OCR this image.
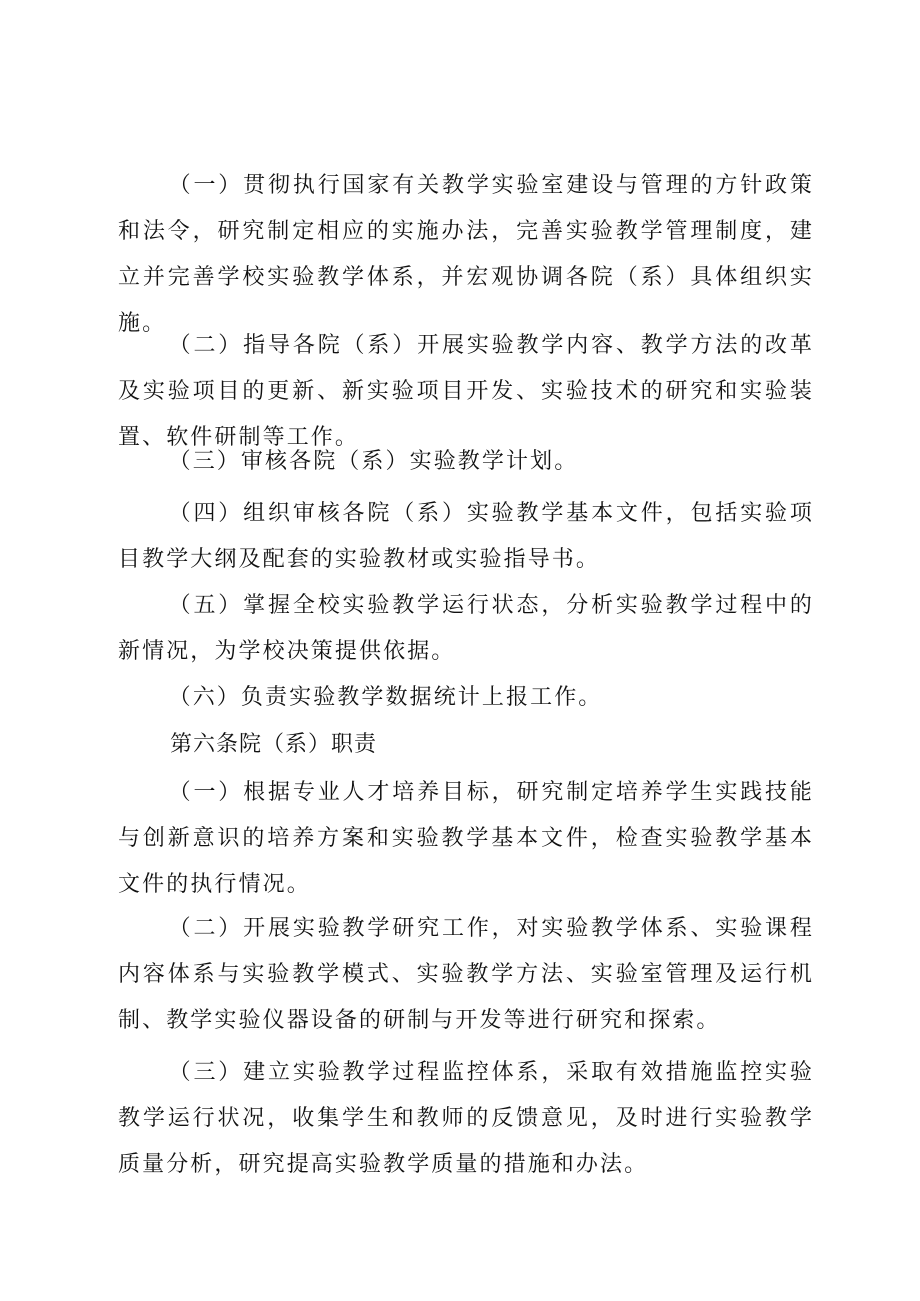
（一）贯彻执行国家有关教学实验室建设与管理的方针政策和法令，研究制定相应的实施办法，完善实验教学管理制度，建立并完善学校实验教学体系，并宏观协调各院（系）具体组织实施。

（二）指导各院（系）开展实验教学内容、教学方法的改革及实验项目的更新、新实验项目开发、实验技术的研究和实验装置、软件研制等工作。

（三）审核各院（系）实验教学计划。

（四）组织审核各院（系）实验教学基本文件，包括实验项目教学大纲及配套的实验教材或实验指导书。

（五）掌握全校实验教学运行状态，分析实验教学过程中的新情况，为学校决策提供依据。

（六）负责实验教学数据统计上报工作。

第六条院（系）职责

（一）根据专业人才培养目标，研究制定培养学生实践技能与创新意识的培养方案和实验教学基本文件，检查实验教学基本文件的执行情况。

（二）开展实验教学研究工作，对实验教学体系、实验课程内容体系与实验教学模式、实验教学方法、实验室管理及运行机制、教学实验仪器设备的研制与开发等进行研究和探索。

（三）建立实验教学过程监控体系，采取有效措施监控实验教学运行状况，收集学生和教师的反馈意见，及时进行实验教学质量分析，研究提高实验教学质量的措施和办法。
